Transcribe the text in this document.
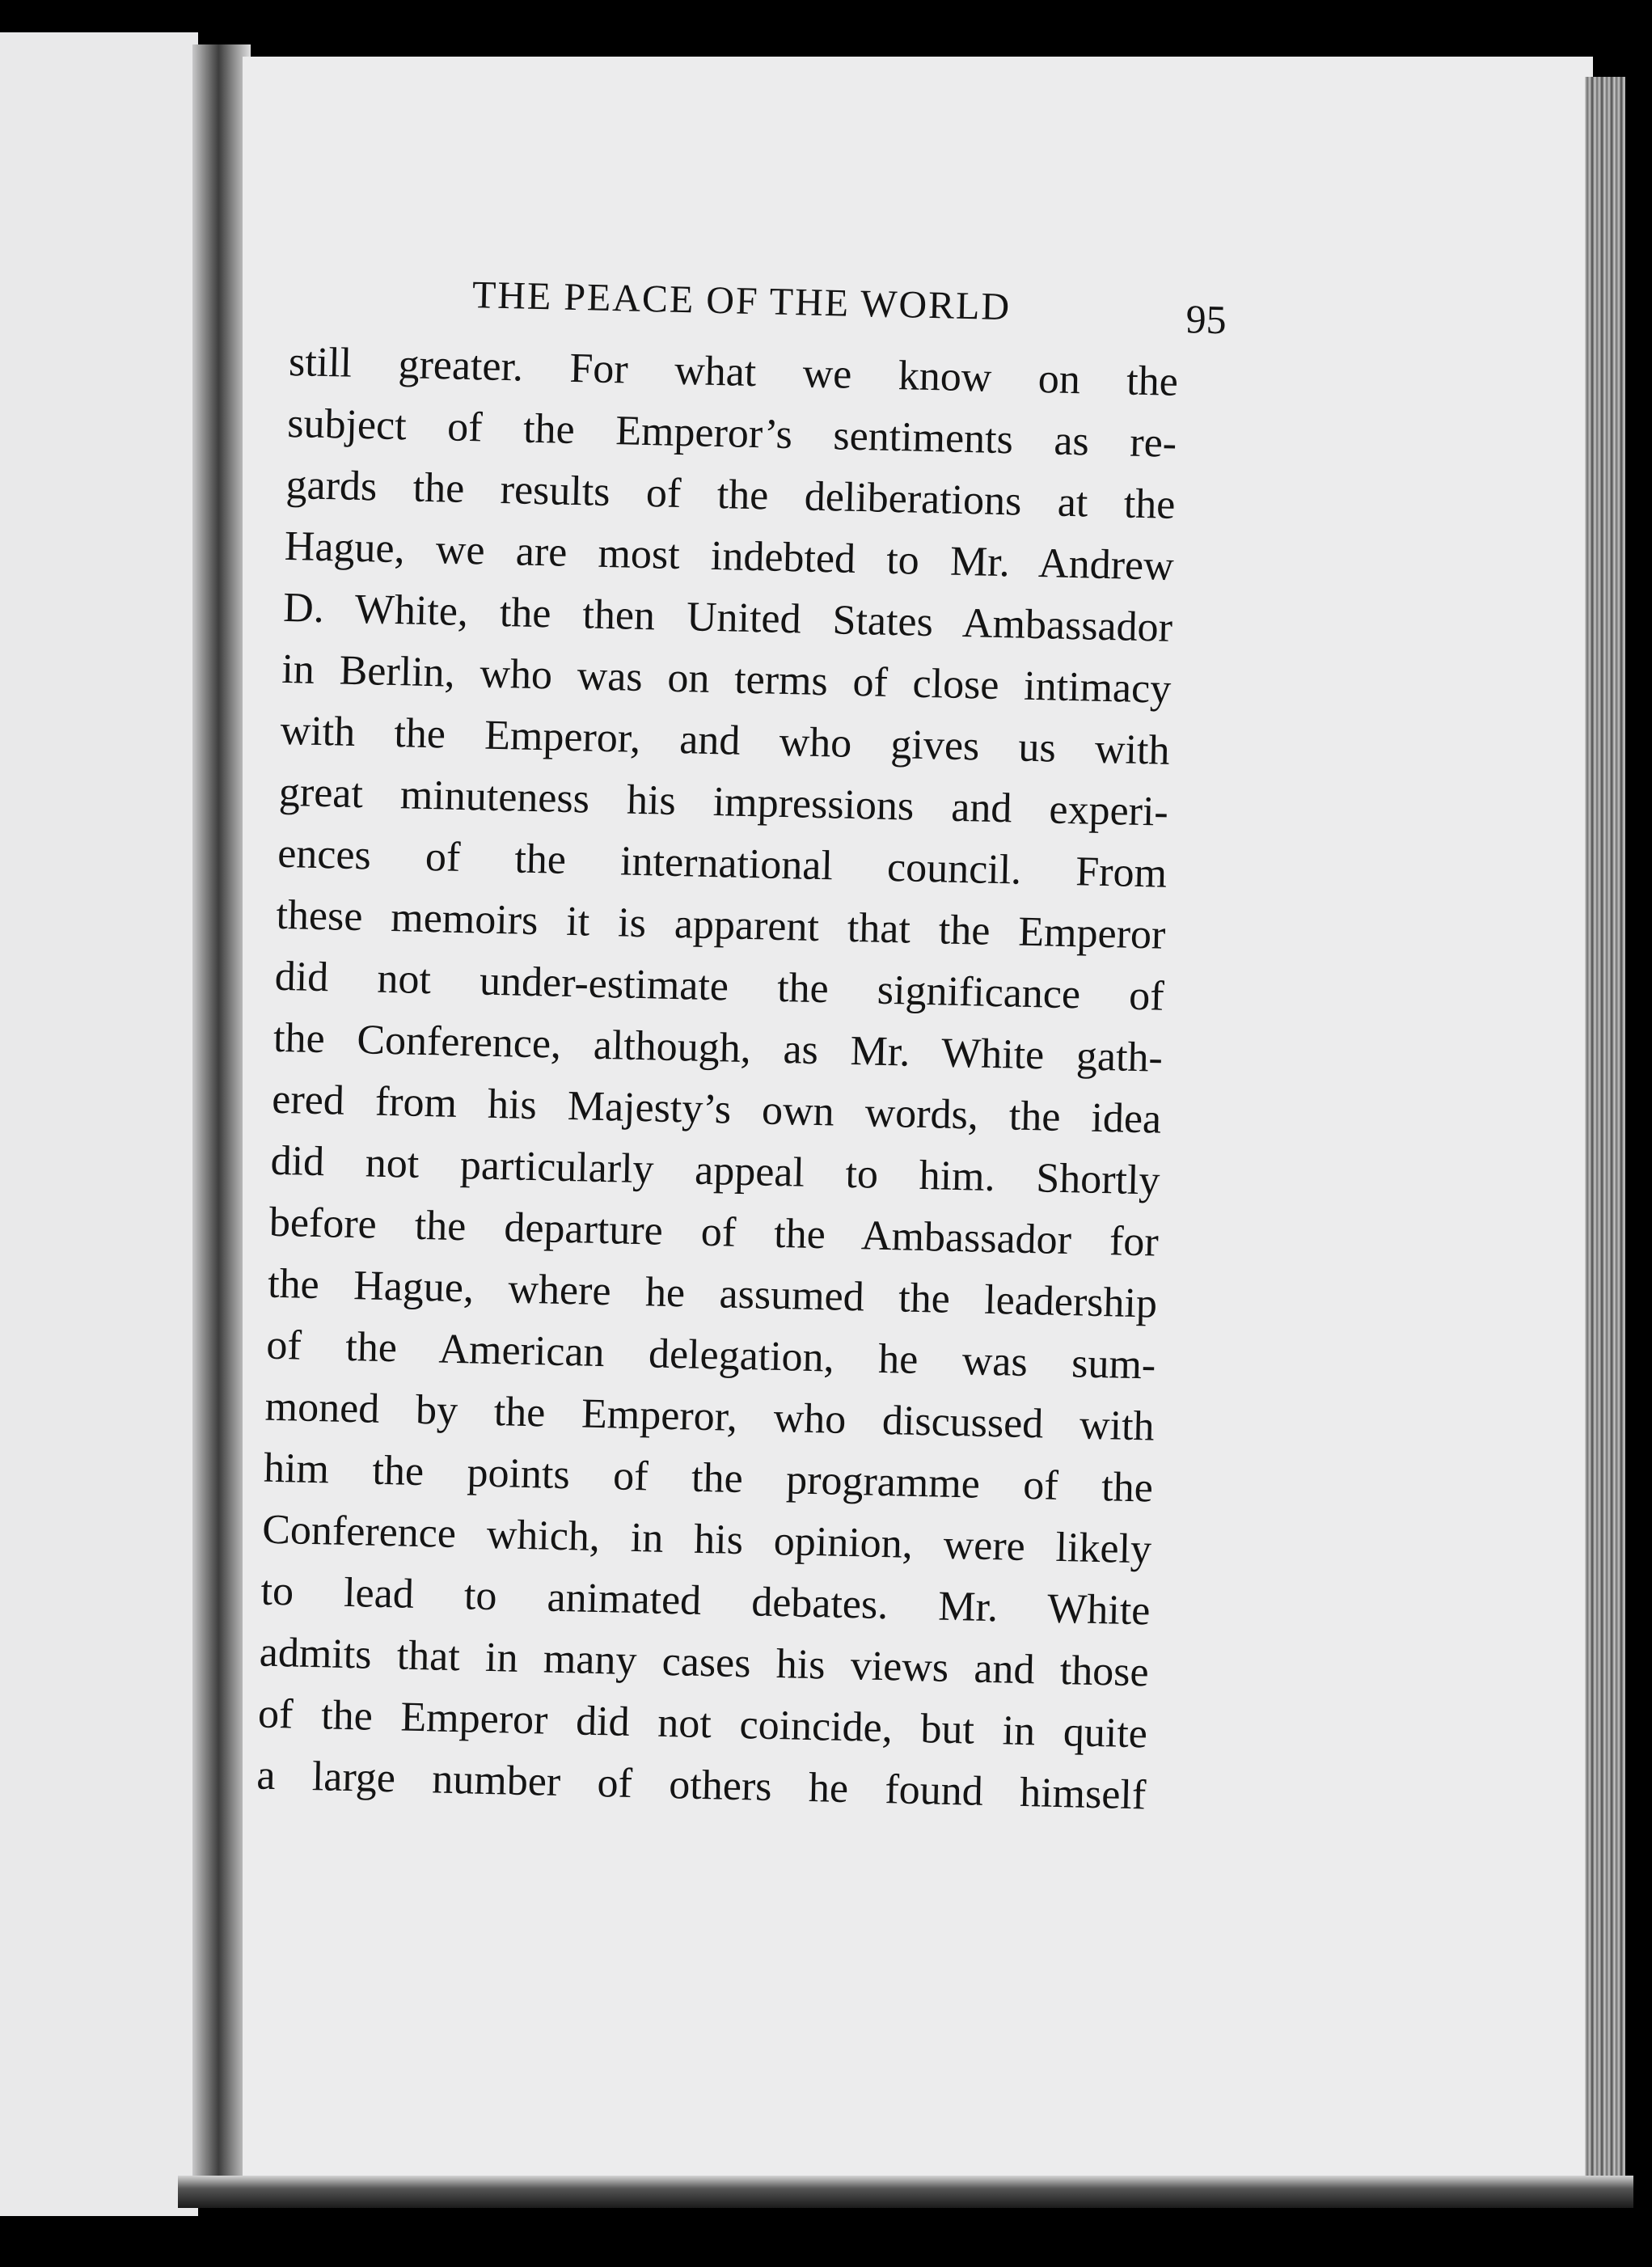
THE PEACE OF THE WORLD	95
still greater. For what we know on the
subject of the Emperor’s sentiments as re-
gards the results of the deliberations at the
Hague, we are most indebted to Mr. Andrew
D. White, the then United States Ambassador
in Berlin, who was on terms of close intimacy
with the Emperor, and who gives us with
great minuteness his impressions and experi-
ences of the international council. From
these memoirs it is apparent that the Emperor
did not under-estimate the significance of
the Conference, although, as Mr. White gath-
ered from his Majesty’s own words, the idea
did not particularly appeal to him. Shortly
before the departure of the Ambassador for
the Hague, where he assumed the leadership
of the American delegation, he was sum-
moned by the Emperor, who discussed with
him the points of the programme of the
Conference which, in his opinion, were likely
to lead to animated debates. Mr. White
admits that in many cases his views and those
of the Emperor did not coincide, but in quite
a large number of others he found himself
